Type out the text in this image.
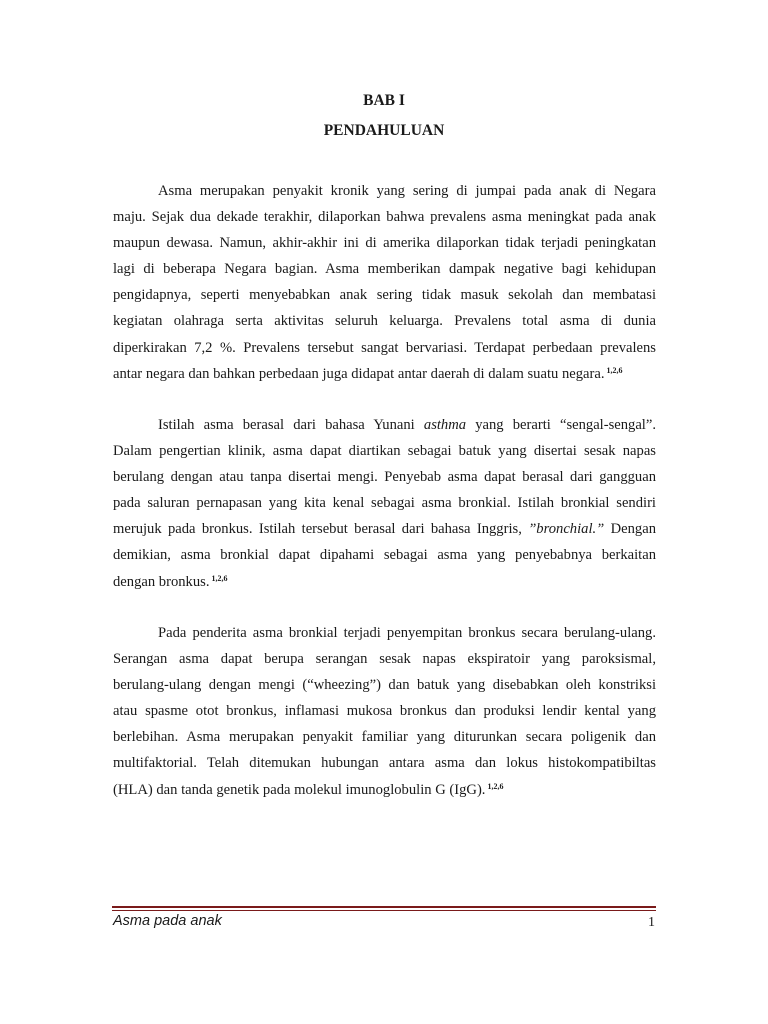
BAB I
PENDAHULUAN
Asma merupakan penyakit kronik yang sering di jumpai pada anak di Negara
maju. Sejak dua dekade terakhir, dilaporkan bahwa prevalens asma meningkat pada anak
maupun dewasa. Namun, akhir-akhir ini di amerika dilaporkan tidak terjadi peningkatan
lagi di beberapa Negara bagian. Asma memberikan dampak negative bagi kehidupan
pengidapnya, seperti menyebabkan anak sering tidak masuk sekolah dan membatasi
kegiatan olahraga serta aktivitas seluruh keluarga. Prevalens total asma di dunia
diperkirakan 7,2 %. Prevalens tersebut sangat bervariasi. Terdapat perbedaan prevalens
antar negara dan bahkan perbedaan juga didapat antar daerah di dalam suatu negara. $^{1,2,6}$
Istilah asma berasal dari bahasa Yunani asthma yang berarti “sengal-sengal”.
Dalam pengertian klinik, asma dapat diartikan sebagai batuk yang disertai sesak napas
berulang dengan atau tanpa disertai mengi. Penyebab asma dapat berasal dari gangguan
pada saluran pernapasan yang kita kenal sebagai asma bronkial. Istilah bronkial sendiri
merujuk pada bronkus. Istilah tersebut berasal dari bahasa Inggris, ”bronchial.” Dengan
demikian, asma bronkial dapat dipahami sebagai asma yang penyebabnya berkaitan
dengan bronkus. $^{1,2,6}$
Pada penderita asma bronkial terjadi penyempitan bronkus secara berulang-ulang.
Serangan asma dapat berupa serangan sesak napas ekspiratoir yang paroksismal,
berulang-ulang dengan mengi (“wheezing”) dan batuk yang disebabkan oleh konstriksi
atau spasme otot bronkus, inflamasi mukosa bronkus dan produksi lendir kental yang
berlebihan. Asma merupakan penyakit familiar yang diturunkan secara poligenik dan
multifaktorial. Telah ditemukan hubungan antara asma dan lokus histokompatibiltas
(HLA) dan tanda genetik pada molekul imunoglobulin G (IgG). $^{1,2,6}$
Asma pada anak	1
